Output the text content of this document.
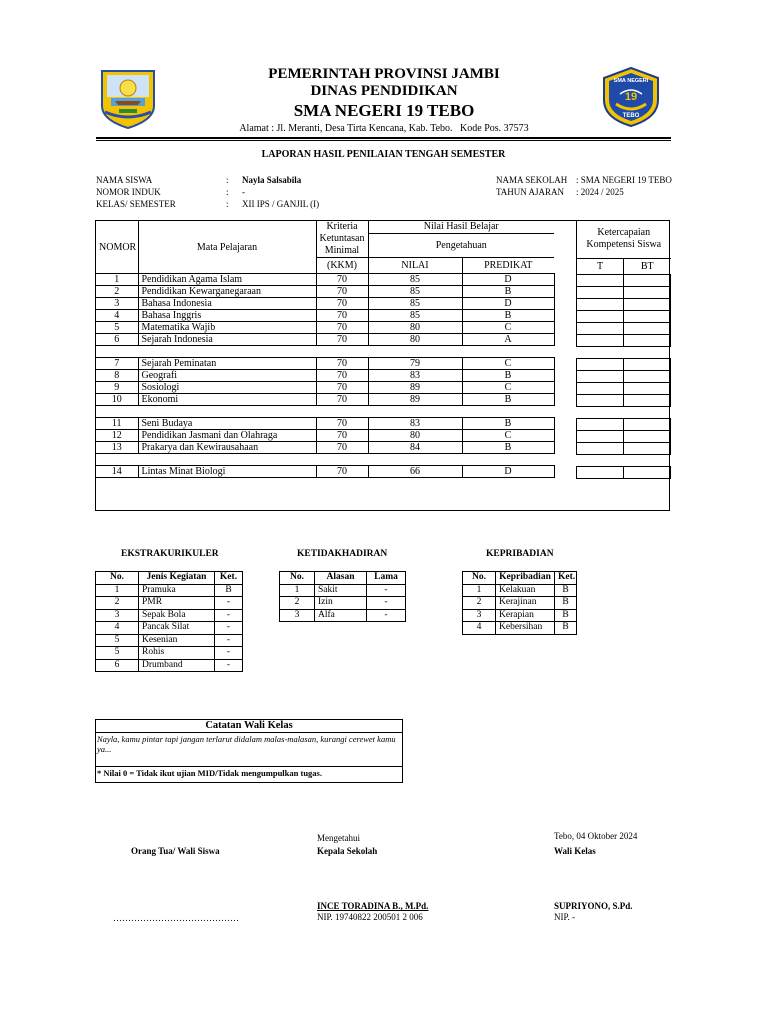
SMA NEGERI
19
TEBO
PEMERINTAH PROVINSI JAMBI
DINAS PENDIDIKAN
SMA NEGERI 19 TEBO
Alamat : Jl. Meranti, Desa Tirta Kencana, Kab. Tebo.   Kode Pos. 37573
LAPORAN HASIL PENILAIAN TENGAH SEMESTER
NAMA SISWA	:	Nayla Salsabila
NOMOR INDUK	:	-
KELAS/ SEMESTER	:	XII IPS / GANJIL (I)
NAMA SEKOLAH : SMA NEGERI 19 TEBO
TAHUN AJARAN	: 2024 / 2025
NOMOR	Mata Pelajaran	Kriteria Ketuntasan Minimal	Nilai Hasil Belajar	
			Pengetahuan	
		(KKM)	NILAI	PREDIKAT
1	Pendidikan Agama Islam	70	85	D
2	Pendidikan Kewarganegaraan	70	85	B
3	Bahasa Indonesia	70	85	D
4	Bahasa Inggris	70	85	B
5	Matematika Wajib	70	80	C
6	Sejarah Indonesia	70	80	A

7	Sejarah Peminatan	70	79	C
8	Geografi	70	83	B
9	Sosiologi	70	89	C
10	Ekonomi	70	89	B

11	Seni Budaya	70	83	B
12	Pendidikan Jasmani dan Olahraga	70	80	C
13	Prakarya dan Kewirausahaan	70	84	B

14	Lintas Minat Biologi	70	66	D
Ketercapaian Kompetensi Siswa	
T	BT

EKSTRAKURIKULER	KETIDAKHADIRAN	KEPRIBADIAN
No.	Jenis Kegiatan	Ket.
1	Pramuka	B
2	PMR	-
3	Sepak Bola	-
4	Pancak Silat	-
5	Kesenian	-
5	Rohis	-
6	Drumband	-
No.	Alasan	Lama
1	Sakit	-
2	Izin	-
3	Alfa	-
No.	Kepribadian	Ket.
1	Kelakuan	B
2	Kerajinan	B
3	Kerapian	B
4	Kebersihan	B
Catatan Wali Kelas
Nayla, kamu pintar tapi jangan terlarut didalam malas-malasan, kurangi cerewet kamu ya...
* Nilai 0 = Tidak ikut ujian MID/Tidak mengumpulkan tugas.
Mengetahui	Tebo, 04 Oktober 2024
Orang Tua/ Wali Siswa	Kepala Sekolah	Wali Kelas
INCE TORADINA B., M.Pd.
NIP. 19740822 200501 2 006
SUPRIYONO, S.Pd.
NIP. -
……………………………………
